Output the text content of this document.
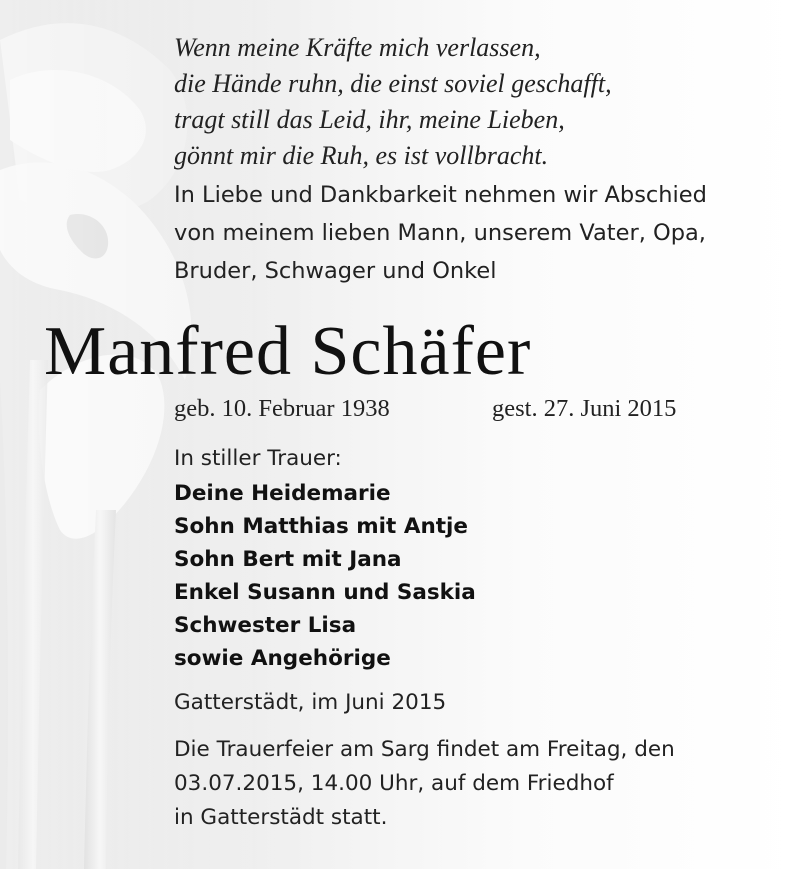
Wenn meine Kräfte mich verlassen,
die Hände ruhn, die einst soviel geschafft,
tragt still das Leid, ihr, meine Lieben,
gönnt mir die Ruh, es ist vollbracht.
In Liebe und Dankbarkeit nehmen wir Abschied
von meinem lieben Mann, unserem Vater, Opa,
Bruder, Schwager und Onkel
Manfred Schäfer
geb. 10. Februar 1938	gest. 27. Juni 2015
In stiller Trauer:
Deine Heidemarie
Sohn Matthias mit Antje
Sohn Bert mit Jana
Enkel Susann und Saskia
Schwester Lisa
sowie Angehörige
Gatterstädt, im Juni 2015
Die Trauerfeier am Sarg findet am Freitag, den
03.07.2015, 14.00 Uhr, auf dem Friedhof
in Gatterstädt statt.
